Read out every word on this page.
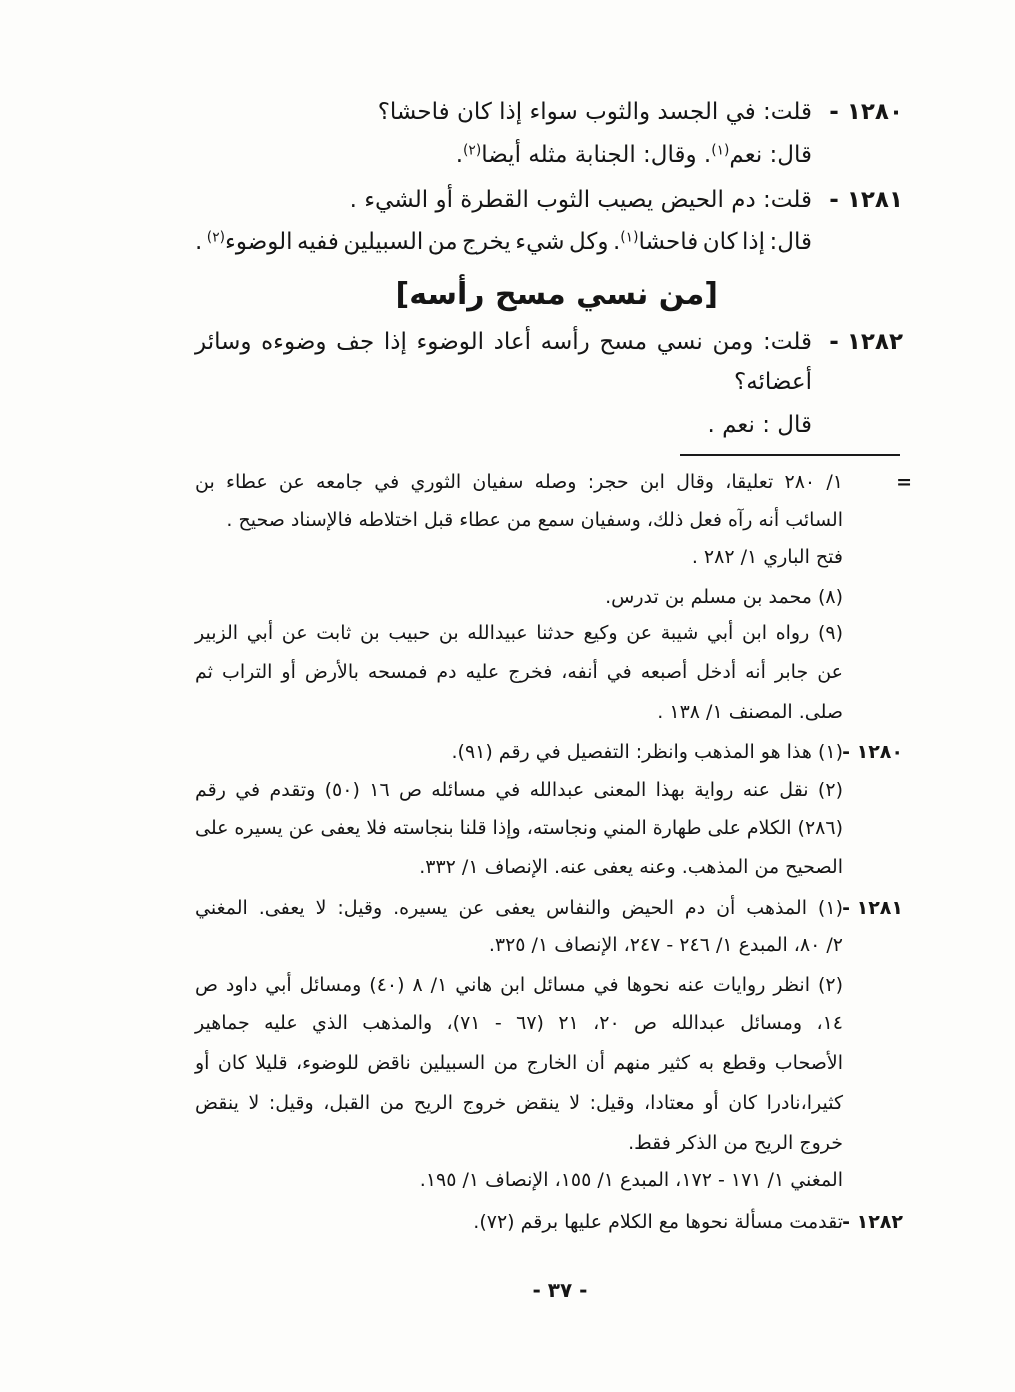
١٢٨٠ -
قلت: في الجسد والثوب سواء إذا كان فاحشا؟
قال: نعم$^{(١)}$. وقال: الجنابة مثله أيضا$^{(٢)}$.
١٢٨١ -
قلت: دم الحيض يصيب الثوب القطرة أو الشيء .
قال: إذا كان فاحشا$^{(١)}$. وكل شيء يخرج من السبيلين ففيه الوضوء$^{(٢)}$ .
[من نسي مسح رأسه]
١٢٨٢ -
قلت: ومن نسي مسح رأسه أعاد الوضوء إذا جف وضوءه وسائر
أعضائه؟
قال : نعم .
=
١/ ٢٨٠ تعليقا، وقال ابن حجر: وصله سفيان الثوري في جامعه عن عطاء بن
السائب أنه رآه فعل ذلك، وسفيان سمع من عطاء قبل اختلاطه فالإسناد صحيح .
فتح الباري ١/ ٢٨٢ .
(٨) محمد بن مسلم بن تدرس.
(٩) رواه ابن أبي شيبة عن وكيع حدثنا عبيدالله بن حبيب بن ثابت عن أبي الزبير
عن جابر أنه أدخل أصبعه في أنفه، فخرج عليه دم فمسحه بالأرض أو التراب ثم
صلى. المصنف ١/ ١٣٨ .
١٢٨٠ -
(١) هذا هو المذهب وانظر: التفصيل في رقم (٩١).
(٢) نقل عنه رواية بهذا المعنى عبدالله في مسائله ص ١٦ (٥٠) وتقدم في رقم
(٢٨٦) الكلام على طهارة المني ونجاسته، وإذا قلنا بنجاسته فلا يعفى عن يسيره على
الصحيح من المذهب. وعنه يعفى عنه. الإنصاف ١/ ٣٣٢.
١٢٨١ -
(١) المذهب أن دم الحيض والنفاس يعفى عن يسيره. وقيل: لا يعفى. المغني
٢/ ٨٠، المبدع ١/ ٢٤٦ - ٢٤٧، الإنصاف ١/ ٣٢٥.
(٢) انظر روايات عنه نحوها في مسائل ابن هاني ١/ ٨ (٤٠) ومسائل أبي داود ص
١٤، ومسائل عبدالله ص ٢٠، ٢١ (٦٧ - ٧١)، والمذهب الذي عليه جماهير
الأصحاب وقطع به كثير منهم أن الخارج من السبيلين ناقض للوضوء، قليلا كان أو
كثيرا،نادرا كان أو معتادا، وقيل: لا ينقض خروج الريح من القبل، وقيل: لا ينقض
خروج الريح من الذكر فقط.
المغني ١/ ١٧١ - ١٧٢، المبدع ١/ ١٥٥، الإنصاف ١/ ١٩٥.
١٢٨٢ -
تقدمت مسألة نحوها مع الكلام عليها برقم (٧٢).
- ٣٧ -
